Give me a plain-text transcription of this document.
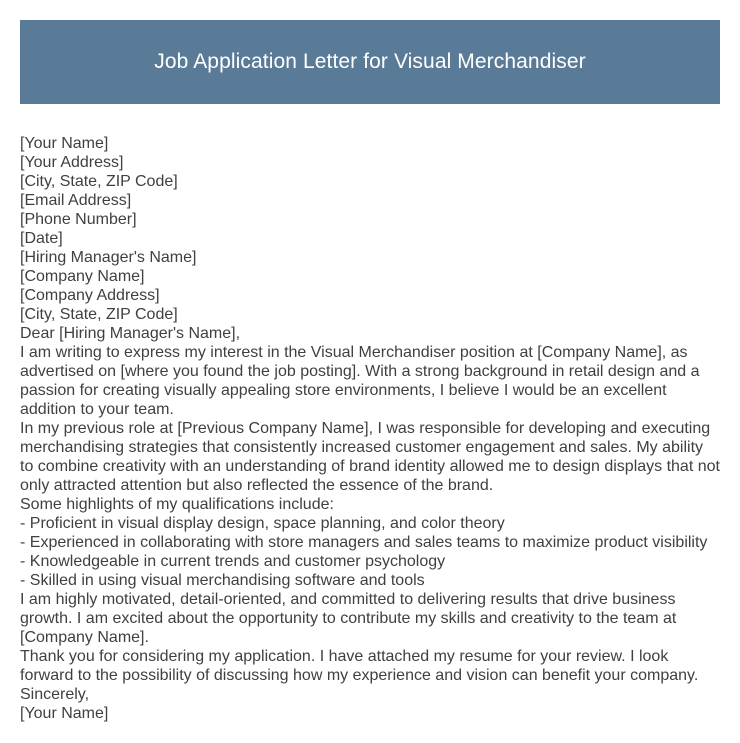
Job Application Letter for Visual Merchandiser

[Your Name]

[Your Address]

[City, State, ZIP Code]

[Email Address]

[Phone Number]

[Date]

[Hiring Manager's Name]

[Company Name]

[Company Address]

[City, State, ZIP Code]

Dear [Hiring Manager's Name],

I am writing to express my interest in the Visual Merchandiser position at [Company Name], as advertised on [where you found the job posting]. With a strong background in retail design and a passion for creating visually appealing store environments, I believe I would be an excellent addition to your team.

In my previous role at [Previous Company Name], I was responsible for developing and executing merchandising strategies that consistently increased customer engagement and sales. My ability to combine creativity with an understanding of brand identity allowed me to design displays that not only attracted attention but also reflected the essence of the brand.

Some highlights of my qualifications include:

- Proficient in visual display design, space planning, and color theory

- Experienced in collaborating with store managers and sales teams to maximize product visibility

- Knowledgeable in current trends and customer psychology

- Skilled in using visual merchandising software and tools

I am highly motivated, detail-oriented, and committed to delivering results that drive business growth. I am excited about the opportunity to contribute my skills and creativity to the team at [Company Name].

Thank you for considering my application. I have attached my resume for your review. I look forward to the possibility of discussing how my experience and vision can benefit your company.

Sincerely,

[Your Name]
